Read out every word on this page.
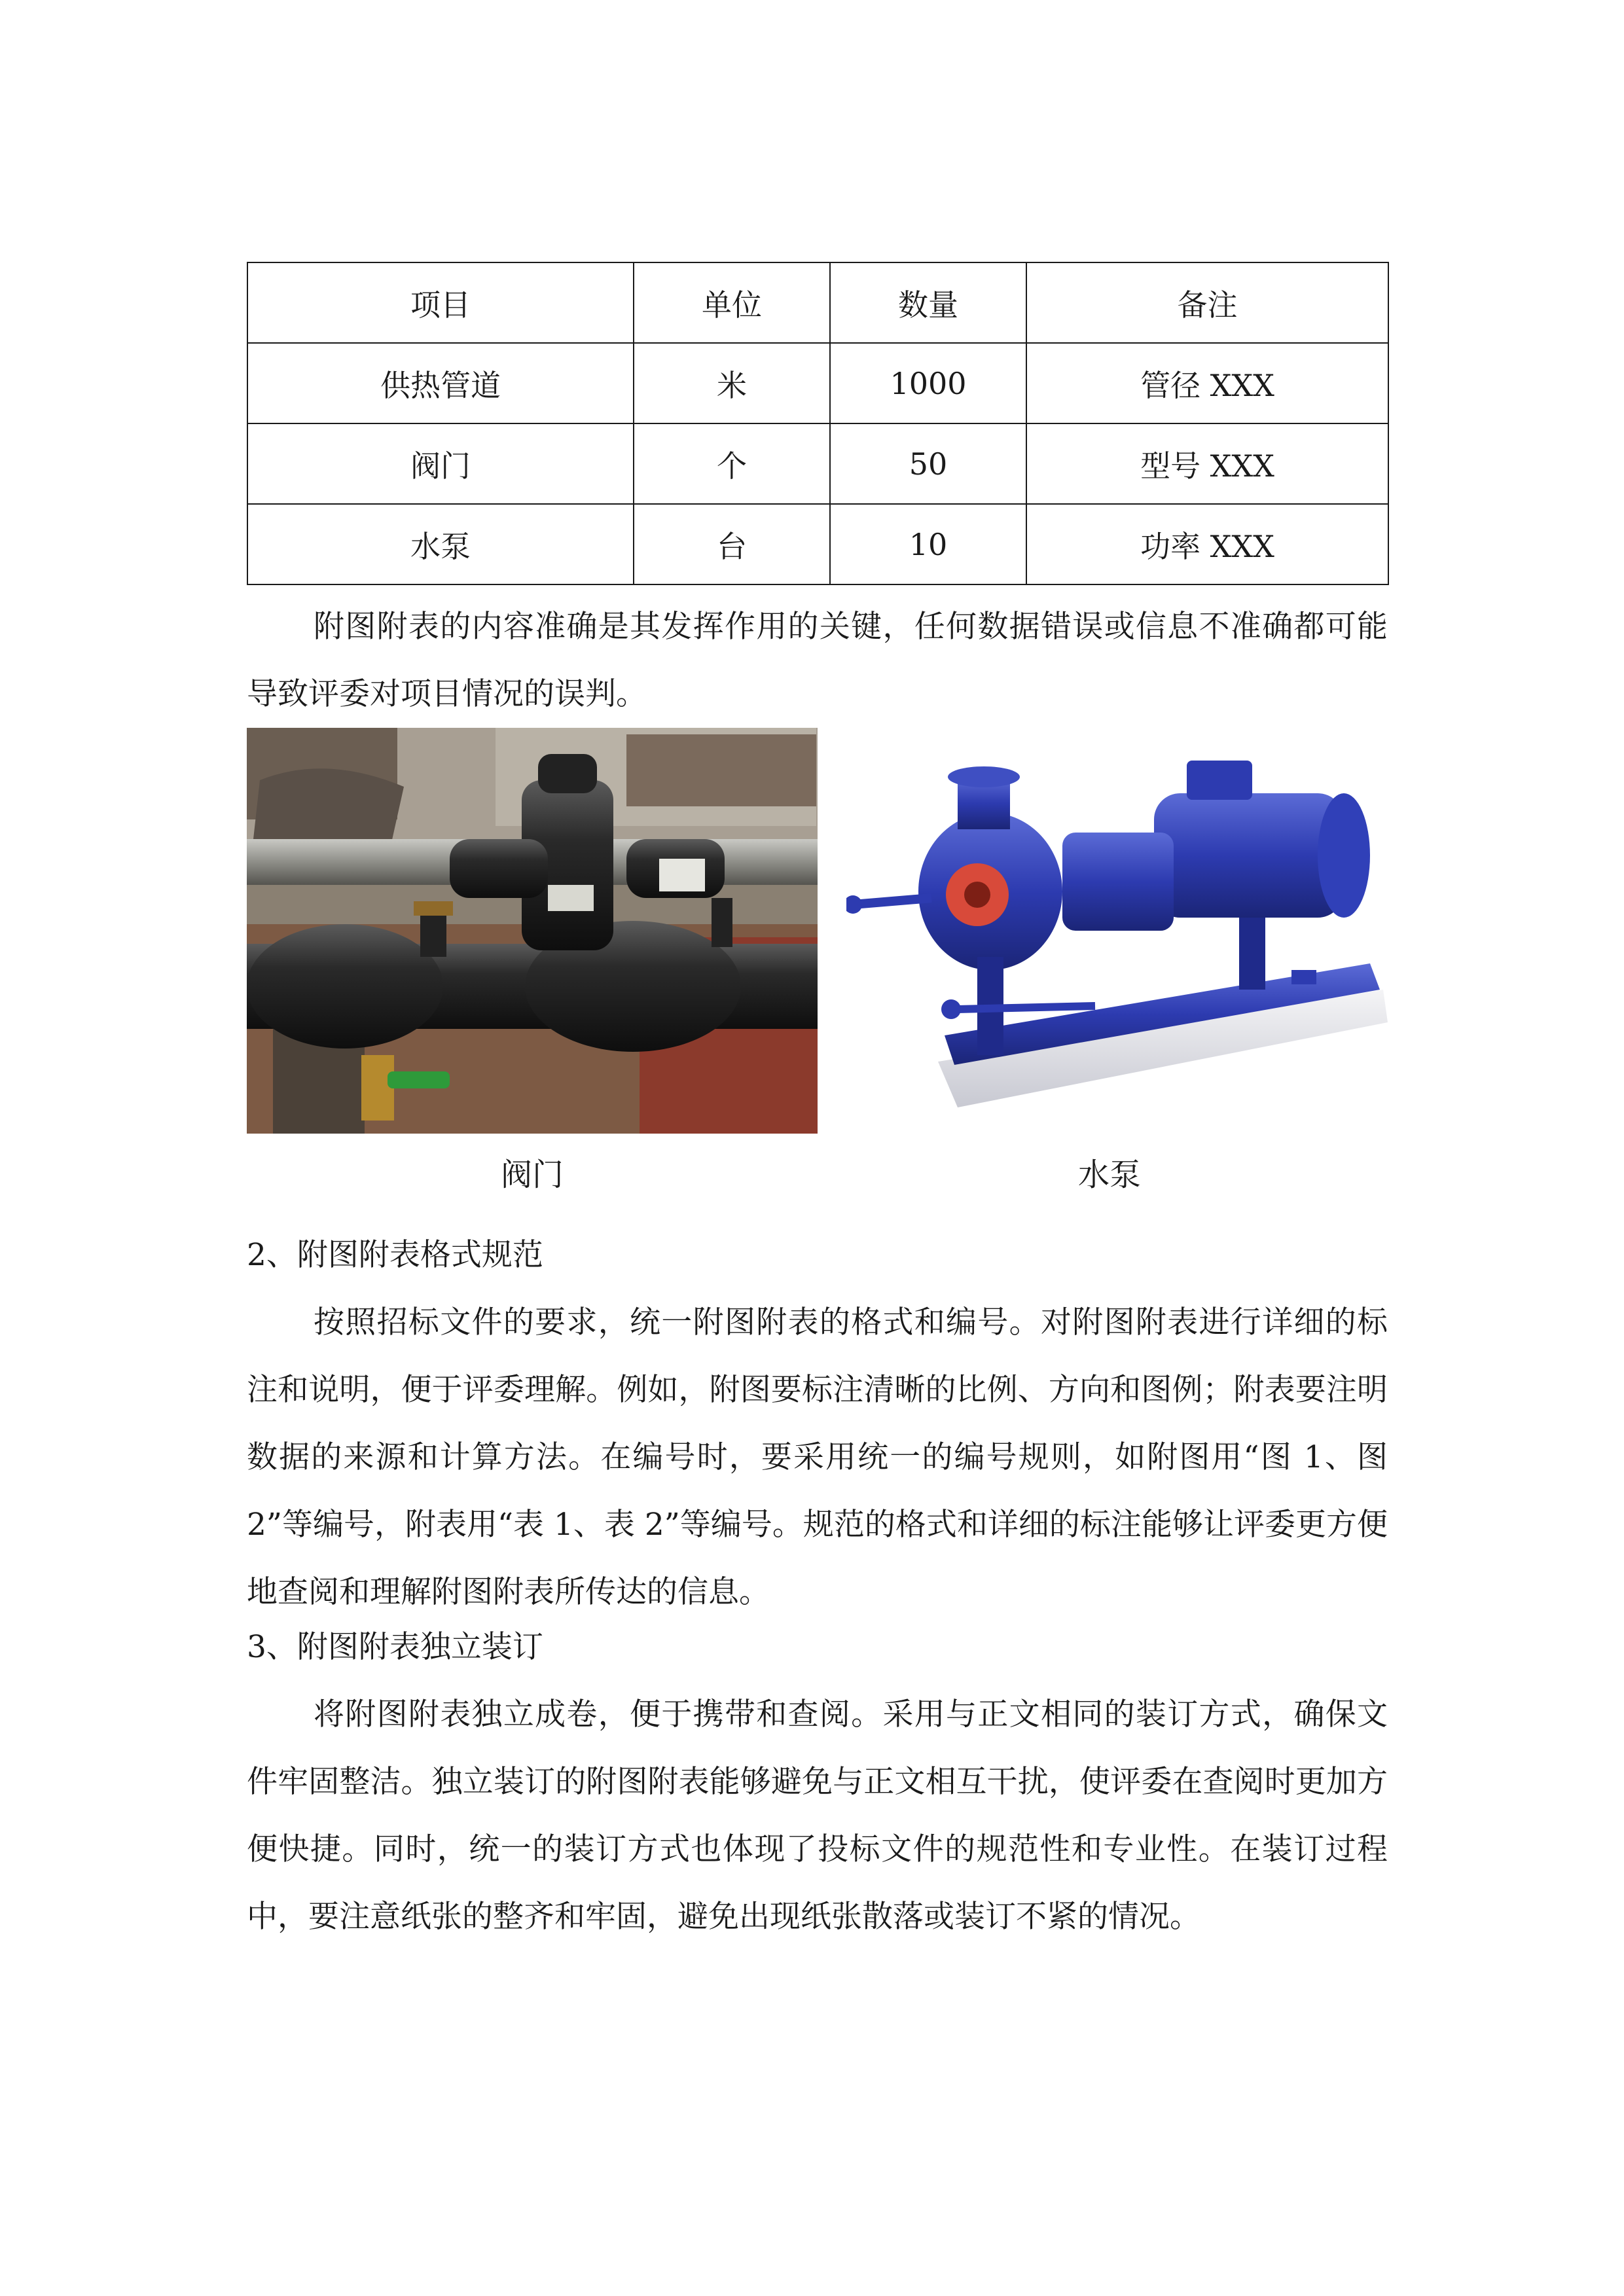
项目	单位	数量	备注
供热管道	米	1000	管径 XXX
阀门	个	50	型号 XXX
水泵	台	10	功率 XXX

附图附表的内容准确是其发挥作用的关键，任何数据错误或信息不准确都可能导致评委对项目情况的误判。

阀门	水泵

2、附图附表格式规范

按照招标文件的要求，统一附图附表的格式和编号。对附图附表进行详细的标注和说明，便于评委理解。例如，附图要标注清晰的比例、方向和图例；附表要注明数据的来源和计算方法。在编号时，要采用统一的编号规则，如附图用“图 1、图 2”等编号，附表用“表 1、表 2”等编号。规范的格式和详细的标注能够让评委更方便地查阅和理解附图附表所传达的信息。

3、附图附表独立装订

将附图附表独立成卷，便于携带和查阅。采用与正文相同的装订方式，确保文件牢固整洁。独立装订的附图附表能够避免与正文相互干扰，使评委在查阅时更加方便快捷。同时，统一的装订方式也体现了投标文件的规范性和专业性。在装订过程中，要注意纸张的整齐和牢固，避免出现纸张散落或装订不紧的情况。
